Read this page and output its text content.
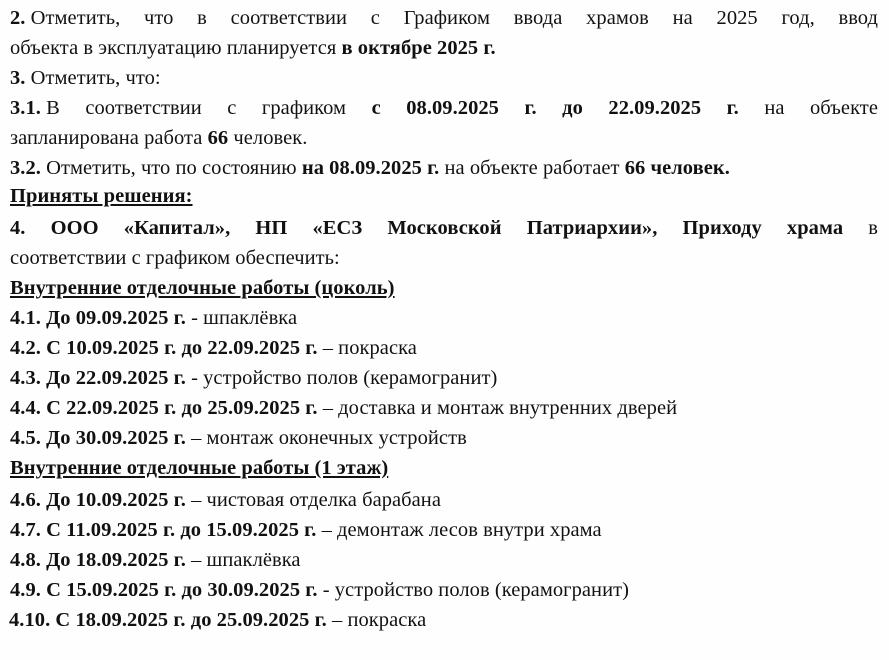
2. Отметить, что в соответствии с Графиком ввода храмов на 2025 год, ввод
объекта в эксплуатацию планируется в октябре 2025 г.
3. Отметить, что:
3.1. В соответствии с графиком с 08.09.2025 г. до 22.09.2025 г. на объекте
запланирована работа 66 человек.
3.2. Отметить, что по состоянию на 08.09.2025 г. на объекте работает 66 человек.
Приняты решения:
4. ООО «Капитал», НП «ЕСЗ Московской Патриархии», Приходу храма в
соответствии с графиком обеспечить:
Внутренние отделочные работы (цоколь)
4.1. До 09.09.2025 г. - шпаклёвка
4.2. С 10.09.2025 г. до 22.09.2025 г. – покраска
4.3. До 22.09.2025 г. - устройство полов (керамогранит)
4.4. С 22.09.2025 г. до 25.09.2025 г. – доставка и монтаж внутренних дверей
4.5. До 30.09.2025 г. – монтаж оконечных устройств
Внутренние отделочные работы (1 этаж)
4.6. До 10.09.2025 г. – чистовая отделка барабана
4.7. С 11.09.2025 г. до 15.09.2025 г. – демонтаж лесов внутри храма
4.8. До 18.09.2025 г. – шпаклёвка
4.9. С 15.09.2025 г. до 30.09.2025 г. - устройство полов (керамогранит)
4.10. С 18.09.2025 г. до 25.09.2025 г. – покраска
